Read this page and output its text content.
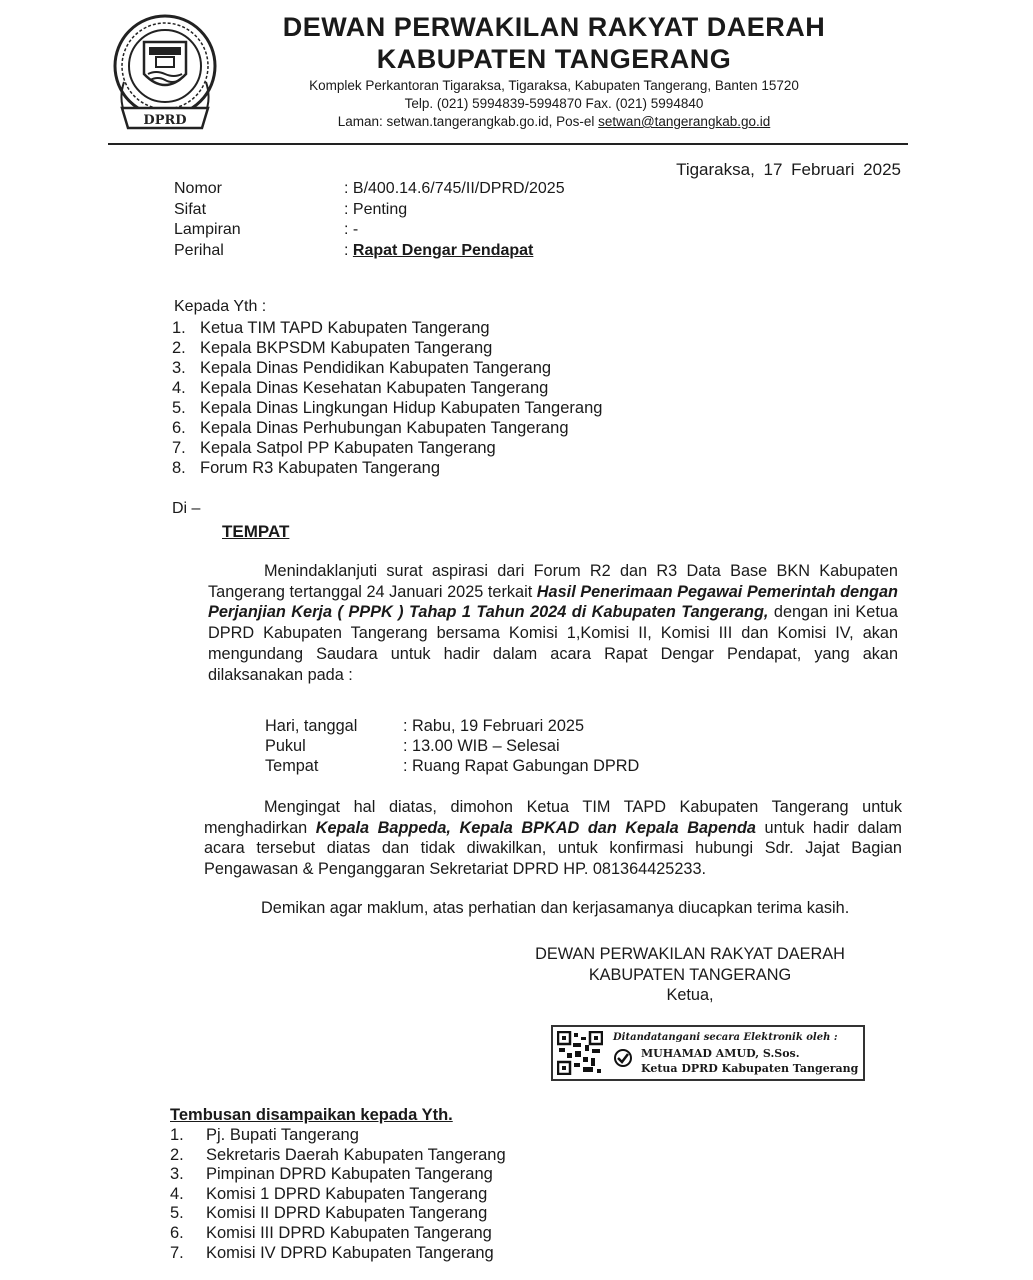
DPRD
DEWAN PERWAKILAN RAKYAT DAERAH
KABUPATEN TANGERANG
Komplek Perkantoran Tigaraksa, Tigaraksa, Kabupaten Tangerang, Banten 15720
Telp. (021) 5994839-5994870 Fax. (021) 5994840
Laman: setwan.tangerangkab.go.id, Pos-el setwan@tangerangkab.go.id
Tigaraksa, 17 Februari 2025
Nomor	: B/400.14.6/745/II/DPRD/2025
Sifat	: Penting
Lampiran	: -
Perihal	: Rapat Dengar Pendapat
Kepada Yth :
1. Ketua TIM TAPD Kabupaten Tangerang
2. Kepala BKPSDM Kabupaten Tangerang
3. Kepala Dinas Pendidikan Kabupaten Tangerang
4. Kepala Dinas Kesehatan Kabupaten Tangerang
5. Kepala Dinas Lingkungan Hidup Kabupaten Tangerang
6. Kepala Dinas Perhubungan Kabupaten Tangerang
7. Kepala Satpol PP Kabupaten Tangerang
8. Forum R3 Kabupaten Tangerang
Di –
TEMPAT
Menindaklanjuti surat aspirasi dari Forum R2 dan R3 Data Base BKN Kabupaten Tangerang tertanggal 24 Januari 2025 terkait Hasil Penerimaan Pegawai Pemerintah dengan Perjanjian Kerja ( PPPK ) Tahap 1 Tahun 2024 di Kabupaten Tangerang, dengan ini Ketua DPRD Kabupaten Tangerang bersama Komisi 1,Komisi II, Komisi III dan Komisi IV, akan mengundang Saudara untuk hadir dalam acara Rapat Dengar Pendapat, yang akan dilaksanakan pada :
Hari, tanggal	: Rabu, 19 Februari 2025
Pukul	: 13.00 WIB – Selesai
Tempat	: Ruang Rapat Gabungan DPRD
Mengingat hal diatas, dimohon Ketua TIM TAPD Kabupaten Tangerang untuk menghadirkan Kepala Bappeda, Kepala BPKAD dan Kepala Bapenda untuk hadir dalam acara tersebut diatas dan tidak diwakilkan, untuk konfirmasi hubungi Sdr. Jajat Bagian Pengawasan & Penganggaran Sekretariat DPRD HP. 081364425233.
Demikan agar maklum, atas perhatian dan kerjasamanya diucapkan terima kasih.
DEWAN PERWAKILAN RAKYAT DAERAH
KABUPATEN TANGERANG
Ketua,
Ditandatangani secara Elektronik oleh :
MUHAMAD AMUD, S.Sos.
Ketua DPRD Kabupaten Tangerang
Tembusan disampaikan kepada Yth.
1. Pj. Bupati Tangerang
2. Sekretaris Daerah Kabupaten Tangerang
3. Pimpinan DPRD Kabupaten Tangerang
4. Komisi 1 DPRD Kabupaten Tangerang
5. Komisi II DPRD Kabupaten Tangerang
6. Komisi III DPRD Kabupaten Tangerang
7. Komisi IV DPRD Kabupaten Tangerang
